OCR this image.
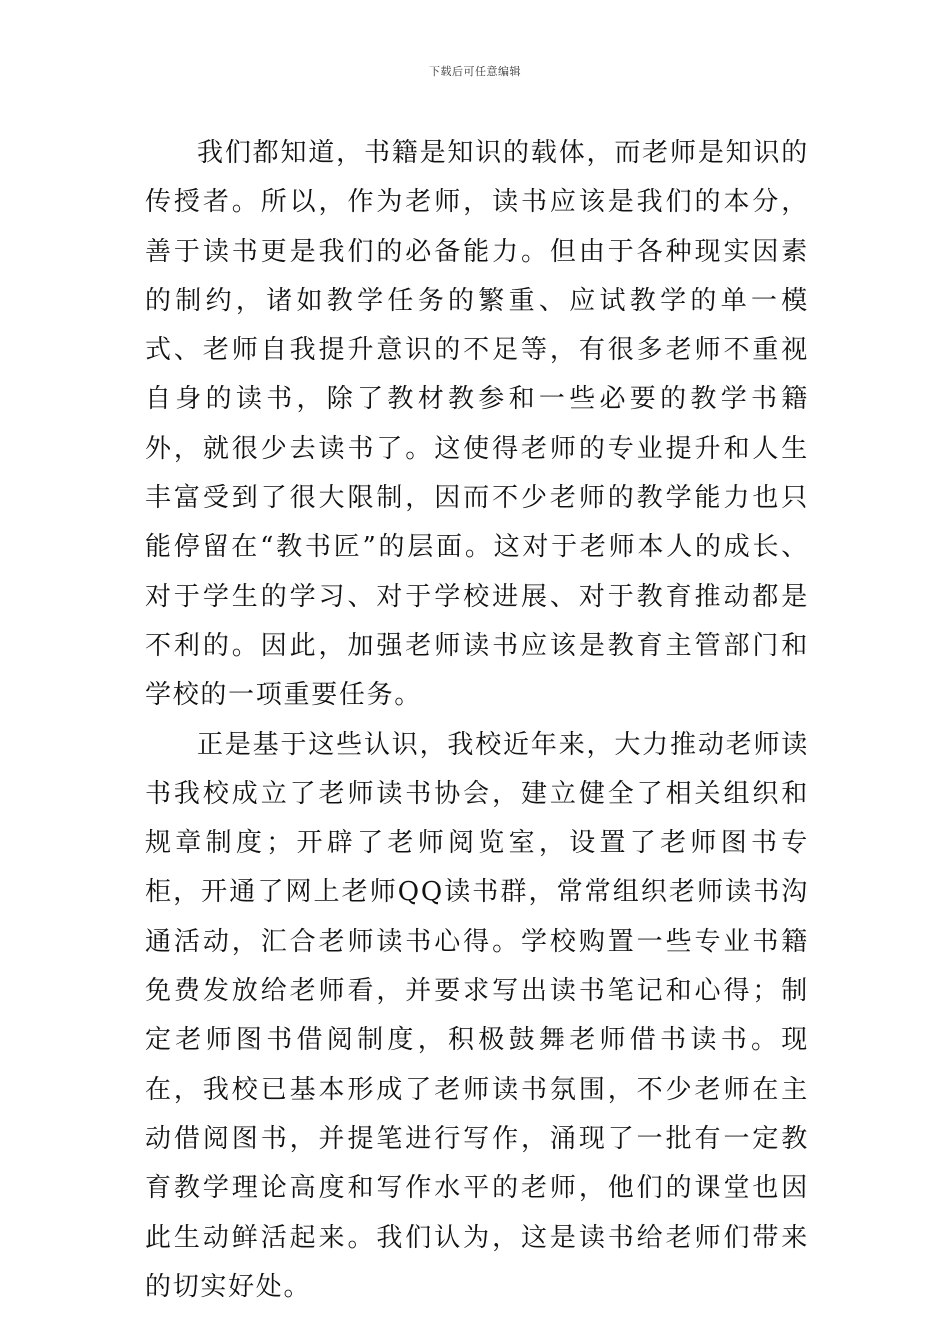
下载后可任意编辑

我们都知道，书籍是知识的载体，而老师是知识的传授者。所以，作为老师，读书应该是我们的本分，善于读书更是我们的必备能力。但由于各种现实因素的制约，诸如教学任务的繁重、应试教学的单一模式、老师自我提升意识的不足等，有很多老师不重视自身的读书，除了教材教参和一些必要的教学书籍外，就很少去读书了。这使得老师的专业提升和人生丰富受到了很大限制，因而不少老师的教学能力也只能停留在“教书匠”的层面。这对于老师本人的成长、对于学生的学习、对于学校进展、对于教育推动都是不利的。因此，加强老师读书应该是教育主管部门和学校的一项重要任务。

正是基于这些认识，我校近年来，大力推动老师读书我校成立了老师读书协会，建立健全了相关组织和规章制度；开辟了老师阅览室，设置了老师图书专柜，开通了网上老师QQ读书群，常常组织老师读书沟通活动，汇合老师读书心得。学校购置一些专业书籍免费发放给老师看，并要求写出读书笔记和心得；制定老师图书借阅制度，积极鼓舞老师借书读书。现在，我校已基本形成了老师读书氛围，不少老师在主动借阅图书，并提笔进行写作，涌现了一批有一定教育教学理论高度和写作水平的老师，他们的课堂也因此生动鲜活起来。我们认为，这是读书给老师们带来的切实好处。
